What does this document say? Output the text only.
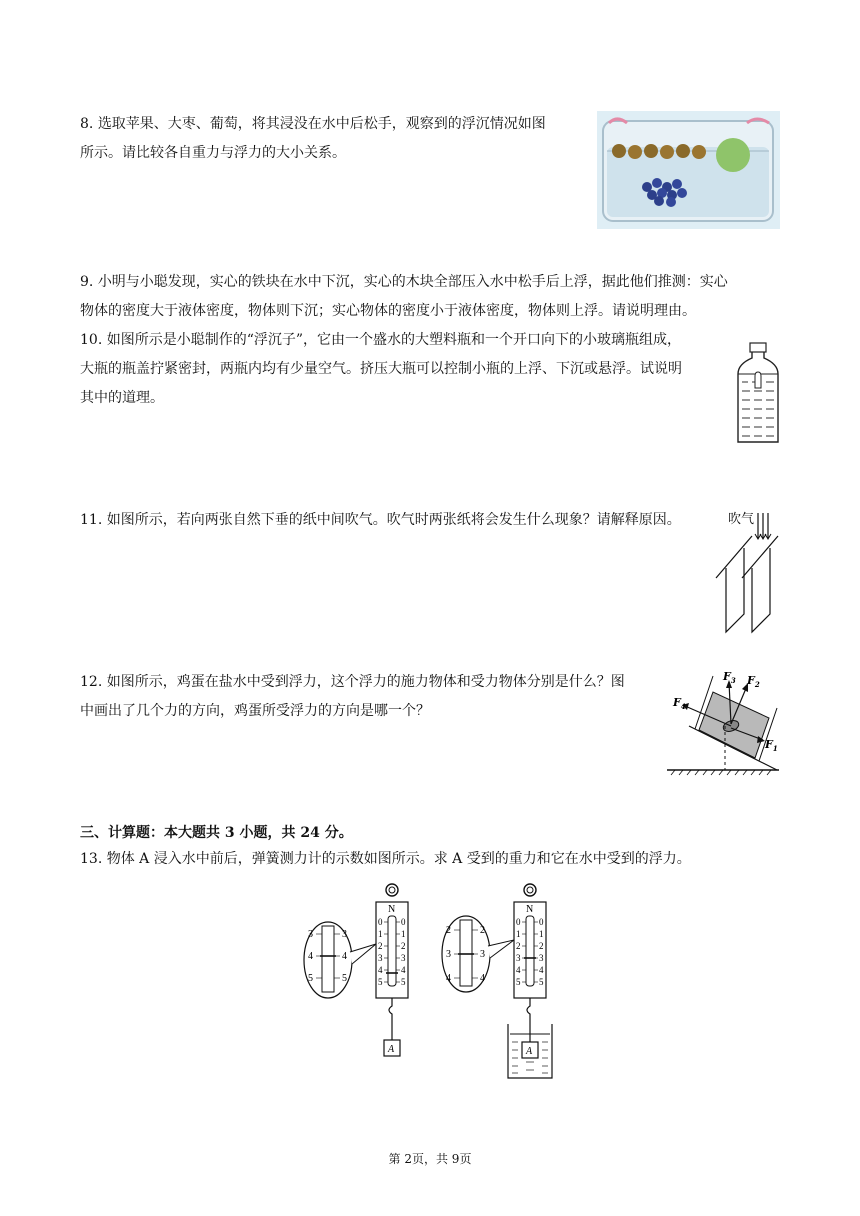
8. 选取苹果、大枣、葡萄，将其浸没在水中后松手，观察到的浮沉情况如图
所示。请比较各自重力与浮力的大小关系。

9. 小明与小聪发现，实心的铁块在水中下沉，实心的木块全部压入水中松手后上浮，据此他们推测：实心
物体的密度大于液体密度，物体则下沉；实心物体的密度小于液体密度，物体则上浮。请说明理由。

10. 如图所示是小聪制作的“浮沉子”，它由一个盛水的大塑料瓶和一个开口向下的小玻璃瓶组成，
大瓶的瓶盖拧紧密封，两瓶内均有少量空气。挤压大瓶可以控制小瓶的上浮、下沉或悬浮。试说明
其中的道理。

11. 如图所示，若向两张自然下垂的纸中间吹气。吹气时两张纸将会发生什么现象？请解释原因。	吹气

12. 如图所示，鸡蛋在盐水中受到浮力，这个浮力的施力物体和受力物体分别是什么？图
中画出了几个力的方向，鸡蛋所受浮力的方向是哪一个？

$F_3$ $F_2$
$F_4$
$F_1$

三、计算题：本大题共 3 小题，共 24 分。

13. 物体 A 浸入水中前后，弹簧测力计的示数如图所示。求 A 受到的重力和它在水中受到的浮力。

N
0
1
2
3
4
5
0
1
2
3
4
5
A
3
4
5
3
4
5
N
0
1
2
3
4
5
0
1
2
3
4
5
A
2
3
4
2
3
4
第 2页，共 9页
